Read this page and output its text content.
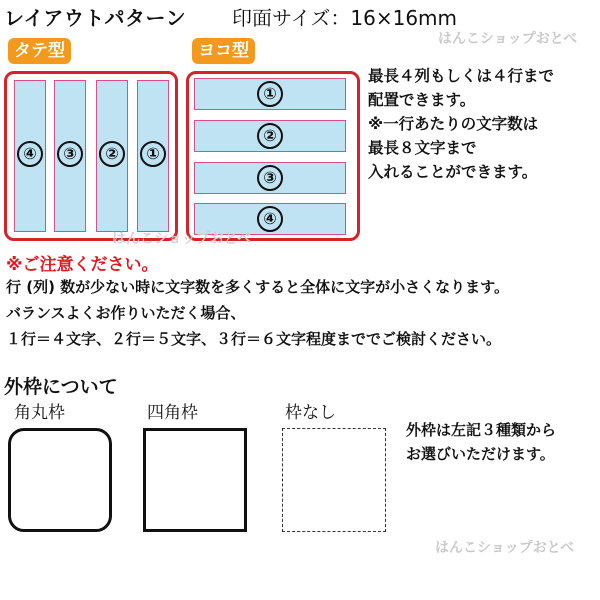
レイアウトパターン 印面サイズ：16×16mm
はんこショップおとべ
タテ型	ヨコ型
④	③	②	①
①
②
③
④
はんこショップおとべ
最長４列もしくは４行まで
配置できます。
※一行あたりの文字数は
最長８文字まで
入れることができます。
※ご注意ください。
行 (列) 数が少ない時に文字数を多くすると全体に文字が小さくなります。
バランスよくお作りいただく場合、
１行＝４文字、２行＝５文字、３行＝６文字程度まででご検討ください。
外枠について
角丸枠	四角枠	枠なし
外枠は左記３種類から
お選びいただけます。
はんこショップおとべ
